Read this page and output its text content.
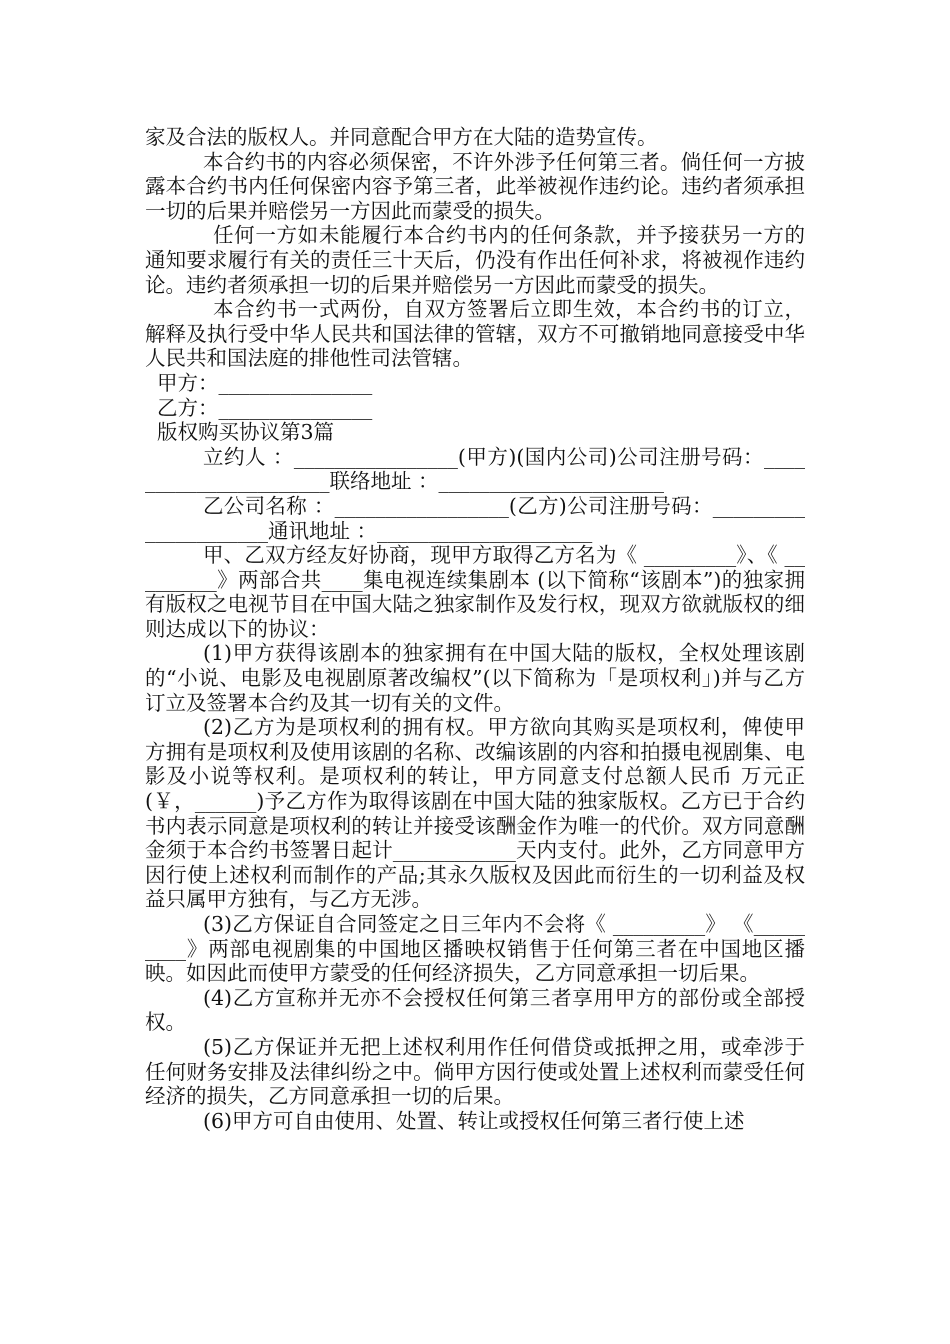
家及合法的版权人。并同意配合甲方在大陆的造势宣传。

本合约书的内容必须保密，不许外涉予任何第三者。倘任何一方披露本合约书内任何保密内容予第三者，此举被视作违约论。违约者须承担一切的后果并赔偿另一方因此而蒙受的损失。

任何一方如未能履行本合约书内的任何条款，并予接获另一方的通知要求履行有关的责任三十天后，仍没有作出任何补求，将被视作违约论。违约者须承担一切的后果并赔偿另一方因此而蒙受的损失。

本合约书一式两份，自双方签署后立即生效，本合约书的订立，解释及执行受中华人民共和国法律的管辖，双方不可撤销地同意接受中华人民共和国法庭的排他性司法管辖。

甲方：_______________

乙方：_______________

版权购买协议第3篇

立约人 ：________________(甲方)(国内公司)公司注册号码：______________________联络地址 ：______________________

乙公司名称 ：_________________(乙方)公司注册号码：_____________________通讯地址 ：_____________________

甲、乙双方经友好协商，现甲方取得乙方名为《 _________》、《 _________》两部合共____集电视连续集剧本 (以下简称“该剧本”)的独家拥有版权之电视节目在中国大陆之独家制作及发行权，现双方欲就版权的细则达成以下的协议：

(1)甲方获得该剧本的独家拥有在中国大陆的版权，全权处理该剧的“小说、电影及电视剧原著改编权”(以下简称为「是项权利」)并与乙方订立及签署本合约及其一切有关的文件。

(2)乙方为是项权利的拥有权。甲方欲向其购买是项权利，俾使甲方拥有是项权利及使用该剧的名称、改编该剧的内容和拍摄电视剧集、电影及小说等权利。是项权利的转让，甲方同意支付总额人民币 万元正(￥，______)予乙方作为取得该剧在中国大陆的独家版权。乙方已于合约书内表示同意是项权利的转让并接受该酬金作为唯一的代价。双方同意酬金须于本合约书签署日起计____________天内支付。此外，乙方同意甲方因行使上述权利而制作的产品;其永久版权及因此而衍生的一切利益及权益只属甲方独有，与乙方无涉。

(3)乙方保证自合同签定之日三年内不会将《 _________》 《_________》两部电视剧集的中国地区播映权销售于任何第三者在中国地区播映。如因此而使甲方蒙受的任何经济损失，乙方同意承担一切后果。

(4)乙方宣称并无亦不会授权任何第三者享用甲方的部份或全部授权。

(5)乙方保证并无把上述权利用作任何借贷或抵押之用，或牵涉于任何财务安排及法律纠纷之中。倘甲方因行使或处置上述权利而蒙受任何经济的损失，乙方同意承担一切的后果。

(6)甲方可自由使用、处置、转让或授权任何第三者行使上述
